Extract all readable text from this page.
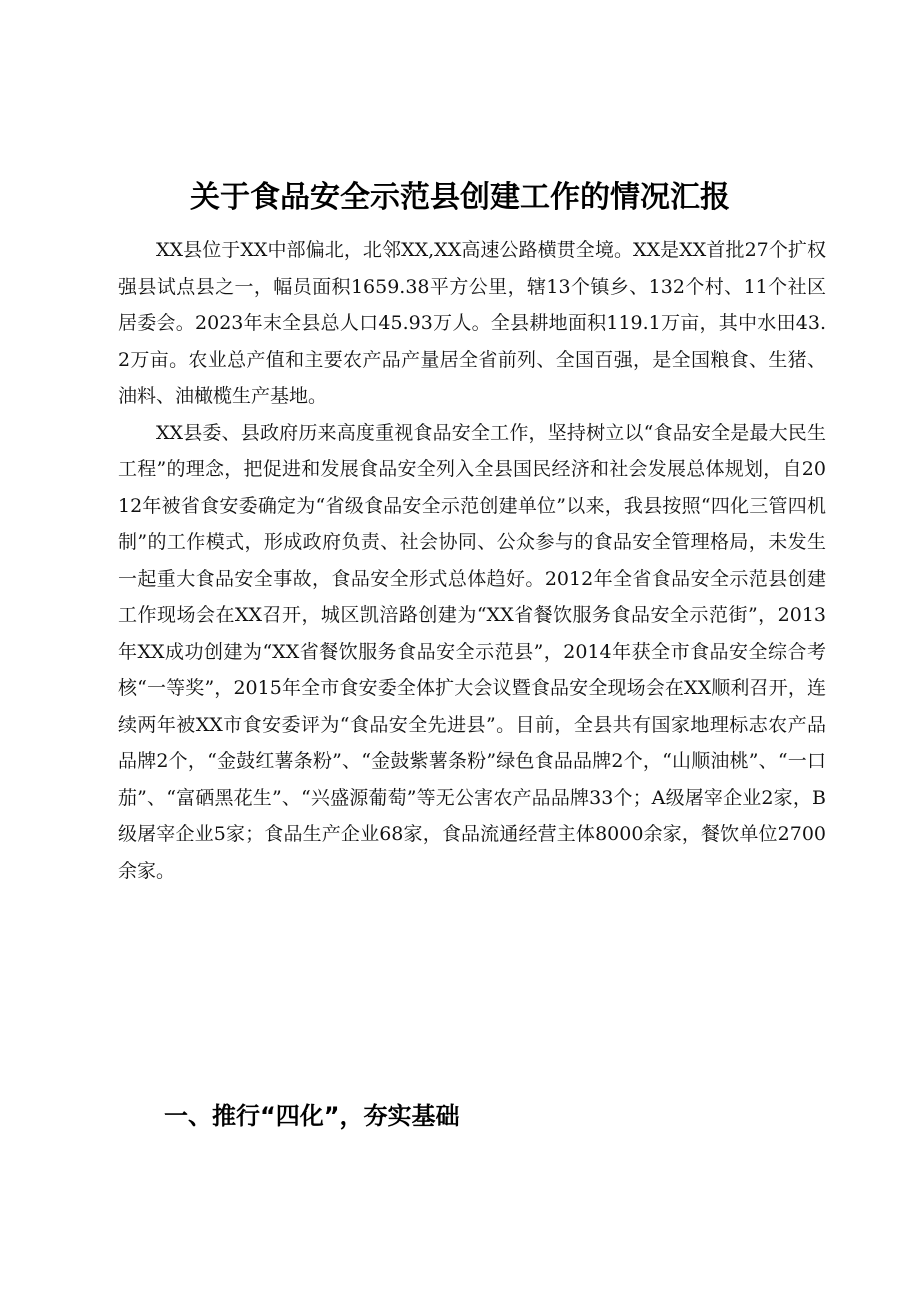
关于食品安全示范县创建工作的情况汇报

XX县位于XX中部偏北，北邻XX,XX高速公路横贯全境。XX是XX首批27个扩权强县试点县之一，幅员面积1659.38平方公里，辖13个镇乡、132个村、11个社区居委会。2023年末全县总人口45.93万人。全县耕地面积119.1万亩，其中水田43.2万亩。农业总产值和主要农产品产量居全省前列、全国百强，是全国粮食、生猪、油料、油橄榄生产基地。

XX县委、县政府历来高度重视食品安全工作，坚持树立以“食品安全是最大民生工程”的理念，把促进和发展食品安全列入全县国民经济和社会发展总体规划，自2012年被省食安委确定为“省级食品安全示范创建单位”以来，我县按照“四化三管四机制”的工作模式，形成政府负责、社会协同、公众参与的食品安全管理格局，未发生一起重大食品安全事故，食品安全形式总体趋好。2012年全省食品安全示范县创建工作现场会在XX召开，城区凯涪路创建为“XX省餐饮服务食品安全示范街”，2013年XX成功创建为“XX省餐饮服务食品安全示范县”，2014年获全市食品安全综合考核“一等奖”，2015年全市食安委全体扩大会议暨食品安全现场会在XX顺利召开，连续两年被XX市食安委评为“食品安全先进县”。目前，全县共有国家地理标志农产品品牌2个，“金鼓红薯条粉”、“金鼓紫薯条粉”绿色食品品牌2个，“山顺油桃”、“一口茄”、“富硒黑花生”、“兴盛源葡萄”等无公害农产品品牌33个；A级屠宰企业2家，B级屠宰企业5家；食品生产企业68家，食品流通经营主体8000余家，餐饮单位2700余家。

一、推行“四化”，夯实基础
